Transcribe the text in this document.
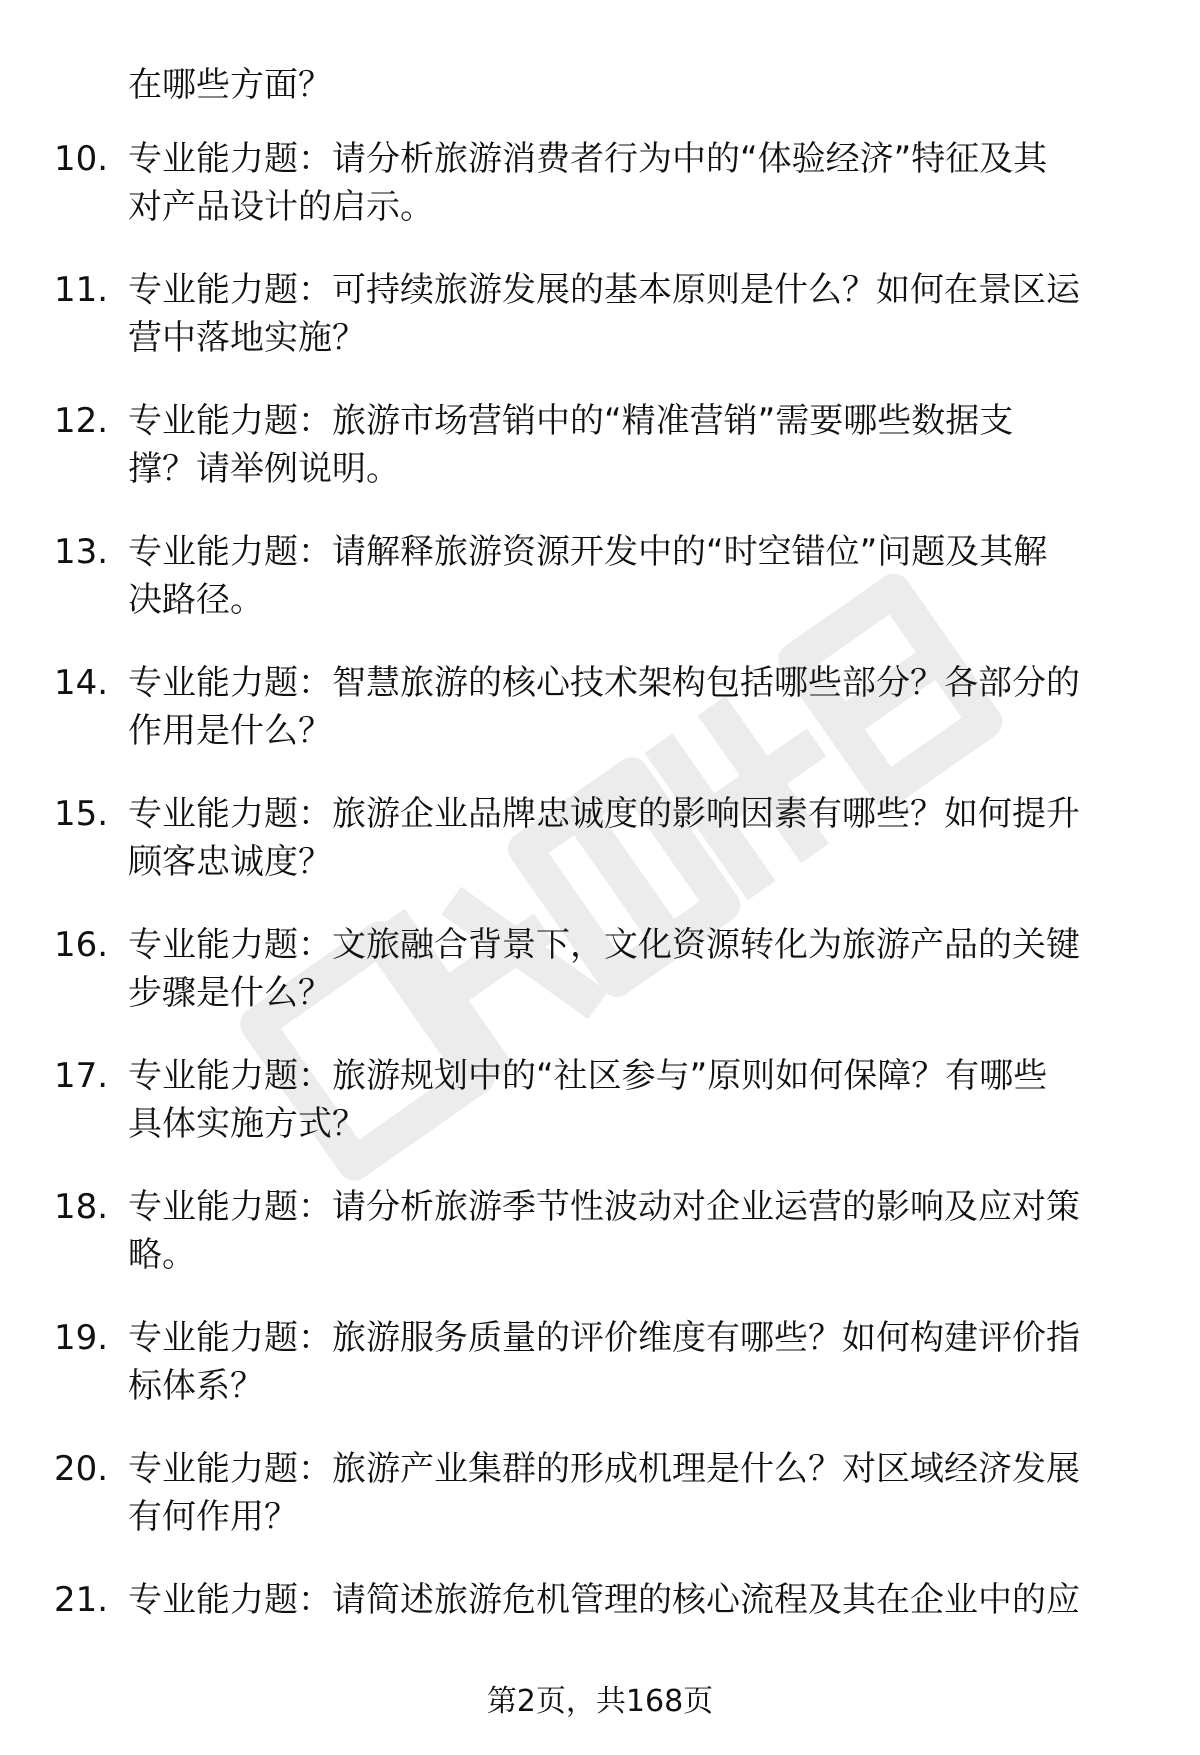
在哪些方面？
10. 专业能力题：请分析旅游消费者行为中的“体验经济”特征及其
对产品设计的启示。
11. 专业能力题：可持续旅游发展的基本原则是什么？如何在景区运
营中落地实施？
12. 专业能力题：旅游市场营销中的“精准营销”需要哪些数据支
撑？请举例说明。
13. 专业能力题：请解释旅游资源开发中的“时空错位”问题及其解
决路径。
14. 专业能力题：智慧旅游的核心技术架构包括哪些部分？各部分的
作用是什么？
15. 专业能力题：旅游企业品牌忠诚度的影响因素有哪些？如何提升
顾客忠诚度？
16. 专业能力题：文旅融合背景下，文化资源转化为旅游产品的关键
步骤是什么？
17. 专业能力题：旅游规划中的“社区参与”原则如何保障？有哪些
具体实施方式？
18. 专业能力题：请分析旅游季节性波动对企业运营的影响及应对策
略。
19. 专业能力题：旅游服务质量的评价维度有哪些？如何构建评价指
标体系？
20. 专业能力题：旅游产业集群的形成机理是什么？对区域经济发展
有何作用？
21. 专业能力题：请简述旅游危机管理的核心流程及其在企业中的应
第2页，共168页
